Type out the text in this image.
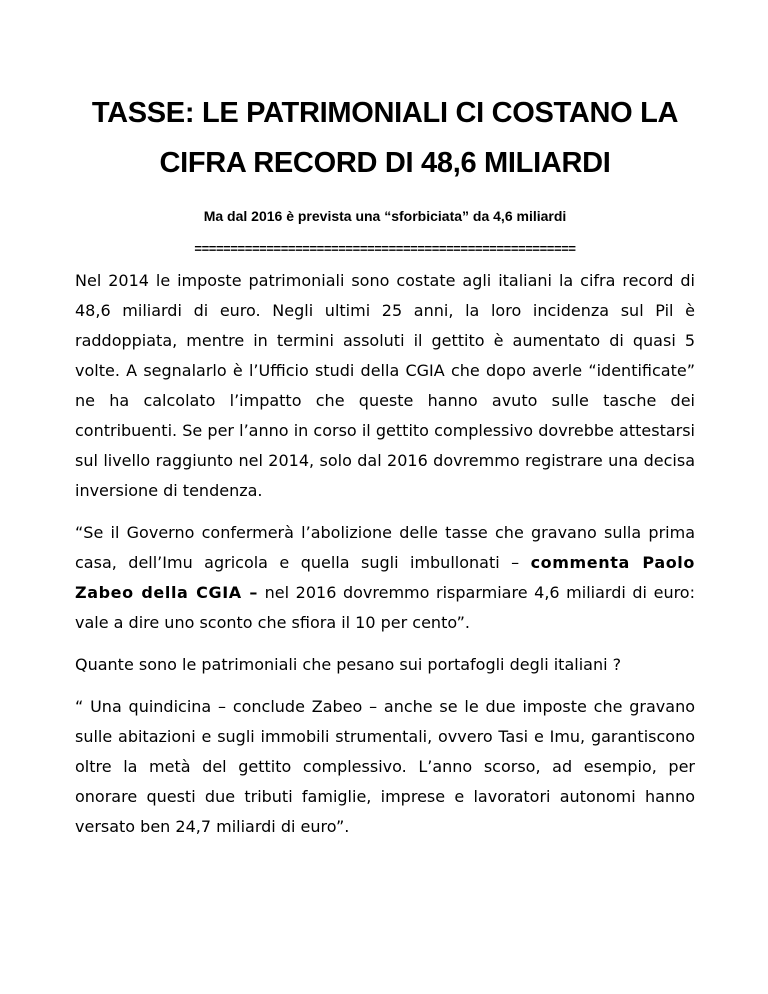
TASSE: LE PATRIMONIALI CI COSTANO LA
CIFRA RECORD DI 48,6 MILIARDI

Ma dal 2016 è prevista una “sforbiciata” da 4,6 miliardi

=====================================================

Nel 2014 le imposte patrimoniali sono costate agli italiani la cifra record di 48,6 miliardi di euro. Negli ultimi 25 anni, la loro incidenza sul Pil è raddoppiata, mentre in termini assoluti il gettito è aumentato di quasi 5 volte. A segnalarlo è l’Ufficio studi della CGIA che dopo averle “identificate” ne ha calcolato l’impatto che queste hanno avuto sulle tasche dei contribuenti. Se per l’anno in corso il gettito complessivo dovrebbe attestarsi sul livello raggiunto nel 2014, solo dal 2016 dovremmo registrare una decisa inversione di tendenza.

“Se il Governo confermerà l’abolizione delle tasse che gravano sulla prima casa, dell’Imu agricola e quella sugli imbullonati – commenta Paolo Zabeo della CGIA – nel 2016 dovremmo risparmiare 4,6 miliardi di euro: vale a dire uno sconto che sfiora il 10 per cento”.

Quante sono le patrimoniali che pesano sui portafogli degli italiani ?

“ Una quindicina – conclude Zabeo – anche se le due imposte che gravano sulle abitazioni e sugli immobili strumentali, ovvero Tasi e Imu, garantiscono oltre la metà del gettito complessivo. L’anno scorso, ad esempio, per onorare questi due tributi famiglie, imprese e lavoratori autonomi hanno versato ben 24,7 miliardi di euro”.
